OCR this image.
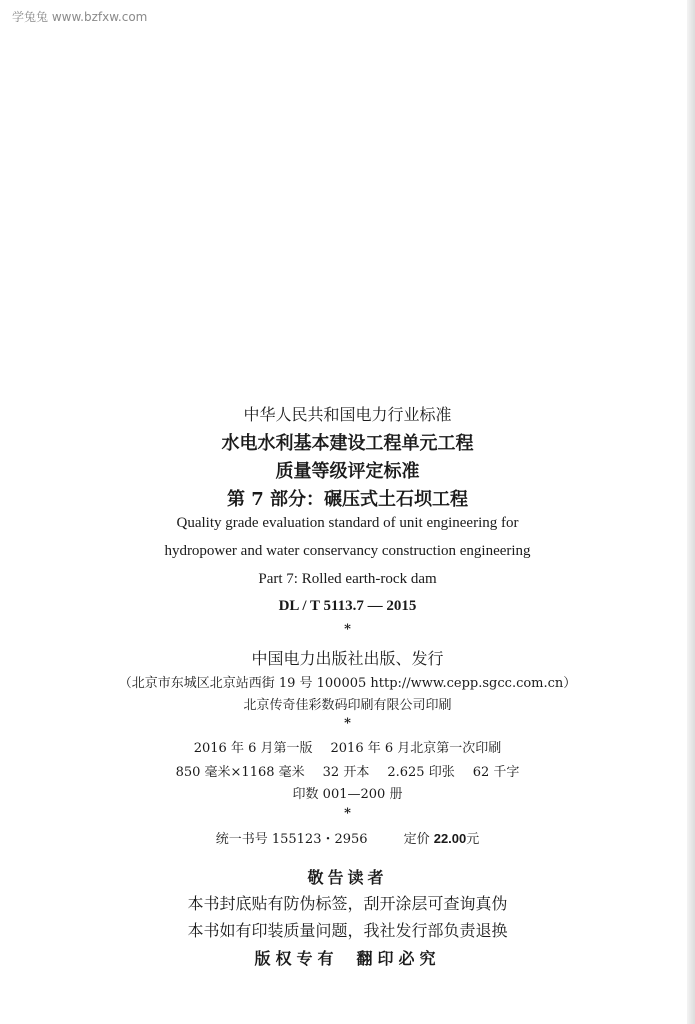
学兔兔 www.bzfxw.com
中华人民共和国电力行业标准
水电水利基本建设工程单元工程
质量等级评定标准
第 7 部分：碾压式土石坝工程
Quality grade evaluation standard of unit engineering for
hydropower and water conservancy construction engineering
Part 7: Rolled earth-rock dam
DL / T 5113.7 — 2015
*
中国电力出版社出版、发行
（北京市东城区北京站西街 19 号 100005 http://www.cepp.sgcc.com.cn）
北京传奇佳彩数码印刷有限公司印刷
*
2016 年 6 月第一版 2016 年 6 月北京第一次印刷
850 毫米×1168 毫米 32 开本 2.625 印张 62 千字
印数 001—200 册
*
统一书号 155123・2956	定价 22.00元
敬告读者
本书封底贴有防伪标签，刮开涂层可查询真伪
本书如有印装质量问题，我社发行部负责退换
版权专有 翻印必究
